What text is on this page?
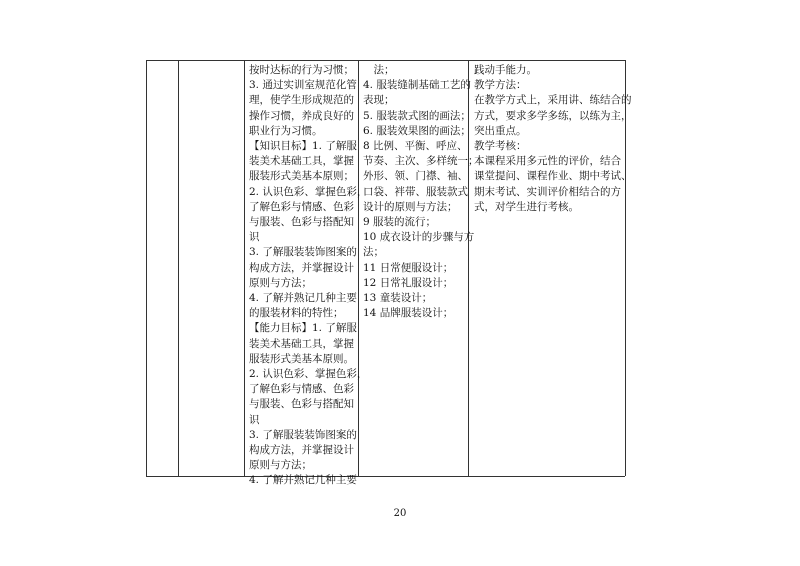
按时达标的行为习惯；

3. 通过实训室规范化管

理，使学生形成规范的

操作习惯，养成良好的

职业行为习惯。

【知识目标】1. 了解服

装美术基础工具，掌握

服装形式美基本原则；

2. 认识色彩、掌握色彩，

了解色彩与情感、色彩

与服装、色彩与搭配知

识

3. 了解服装装饰图案的

构成方法，并掌握设计

原则与方法；

4. 了解并熟记几种主要

的服装材料的特性；

【能力目标】1. 了解服

装美术基础工具，掌握

服装形式美基本原则。

2. 认识色彩、掌握色彩，

了解色彩与情感、色彩

与服装、色彩与搭配知

识

3. 了解服装装饰图案的

构成方法，并掌握设计

原则与方法；

4. 了解并熟记几种主要

　法；

4. 服装缝制基础工艺的

表现；

5. 服装款式图的画法；

6. 服装效果图的画法；

8 比例、平衡、呼应、

节奏、主次、多样统一；

外形、领、门襟、袖、

口袋、袢带、服装款式

设计的原则与方法；

9 服装的流行；

10 成衣设计的步骤与方

法；

11 日常便服设计；

12 日常礼服设计；

13 童装设计；

14 品牌服装设计；

践动手能力。

教学方法：

在教学方式上，采用讲、练结合的

方式，要求多学多练，以练为主，

突出重点。

教学考核：

本课程采用多元性的评价，结合

课堂提问、课程作业、期中考试、

期末考试、实训评价相结合的方

式，对学生进行考核。

20
